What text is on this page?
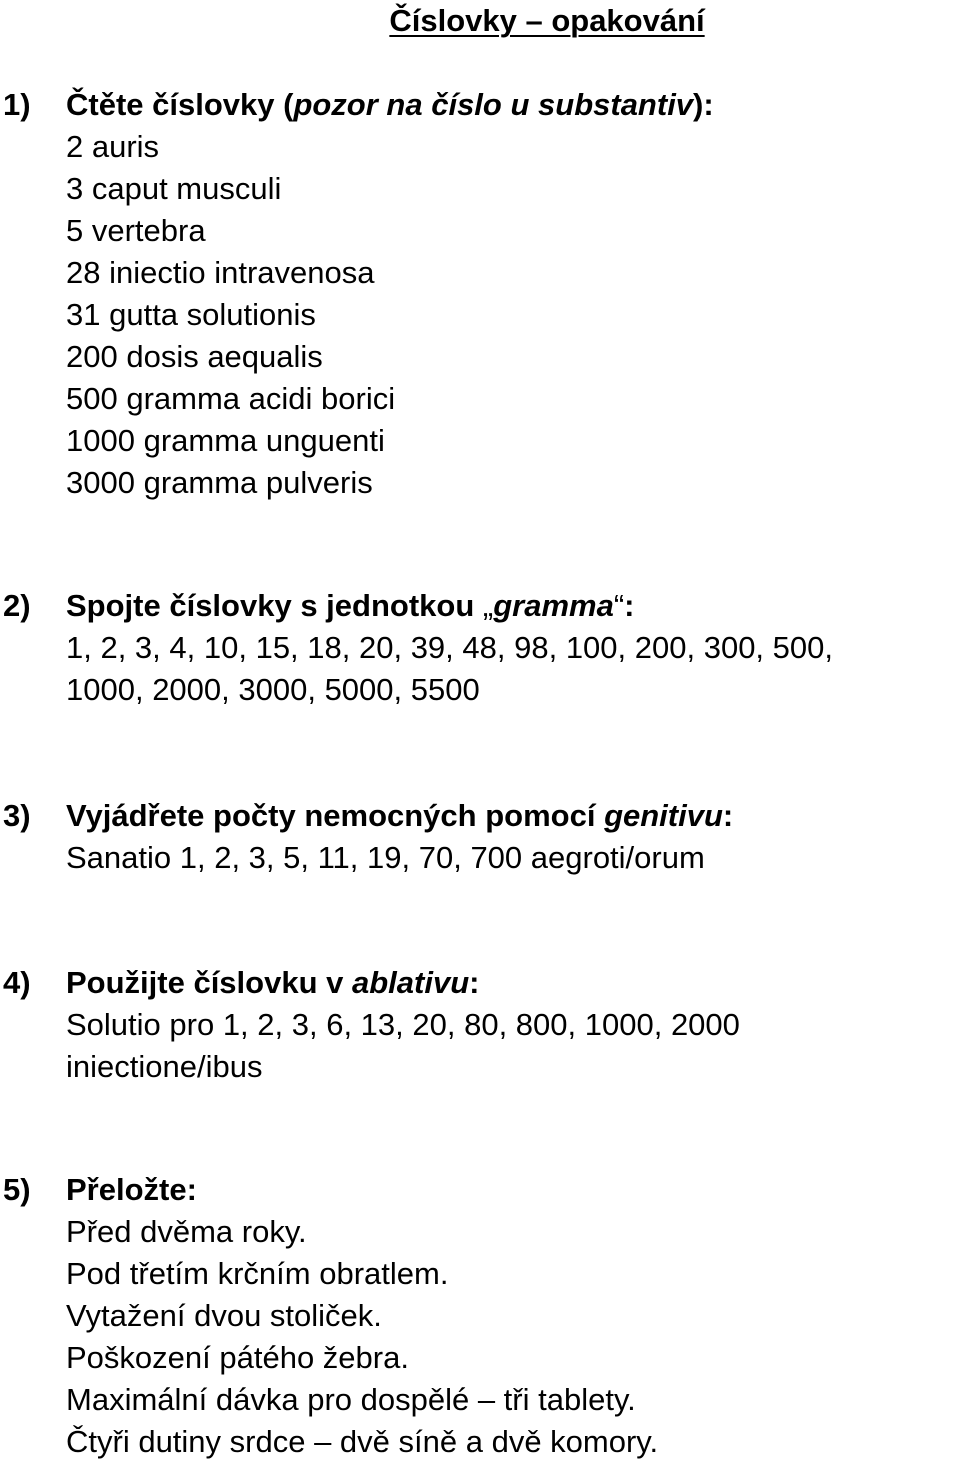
Číslovky – opakování
1) Čtěte číslovky (pozor na číslo u substantiv):
2 auris
3 caput musculi
5 vertebra
28 iniectio intravenosa
31 gutta solutionis
200 dosis aequalis
500 gramma acidi borici
1000 gramma unguenti
3000 gramma pulveris
2) Spojte číslovky s jednotkou „gramma“:
1, 2, 3, 4, 10, 15, 18, 20, 39, 48, 98, 100, 200, 300, 500,
1000, 2000, 3000, 5000, 5500
3) Vyjádřete počty nemocných pomocí genitivu:
Sanatio 1, 2, 3, 5, 11, 19, 70, 700 aegroti/orum
4) Použijte číslovku v ablativu:
Solutio pro 1, 2, 3, 6, 13, 20, 80, 800, 1000, 2000
iniectione/ibus
5) Přeložte:
Před dvěma roky.
Pod třetím krčním obratlem.
Vytažení dvou stoliček.
Poškození pátého žebra.
Maximální dávka pro dospělé – tři tablety.
Čtyři dutiny srdce – dvě síně a dvě komory.
